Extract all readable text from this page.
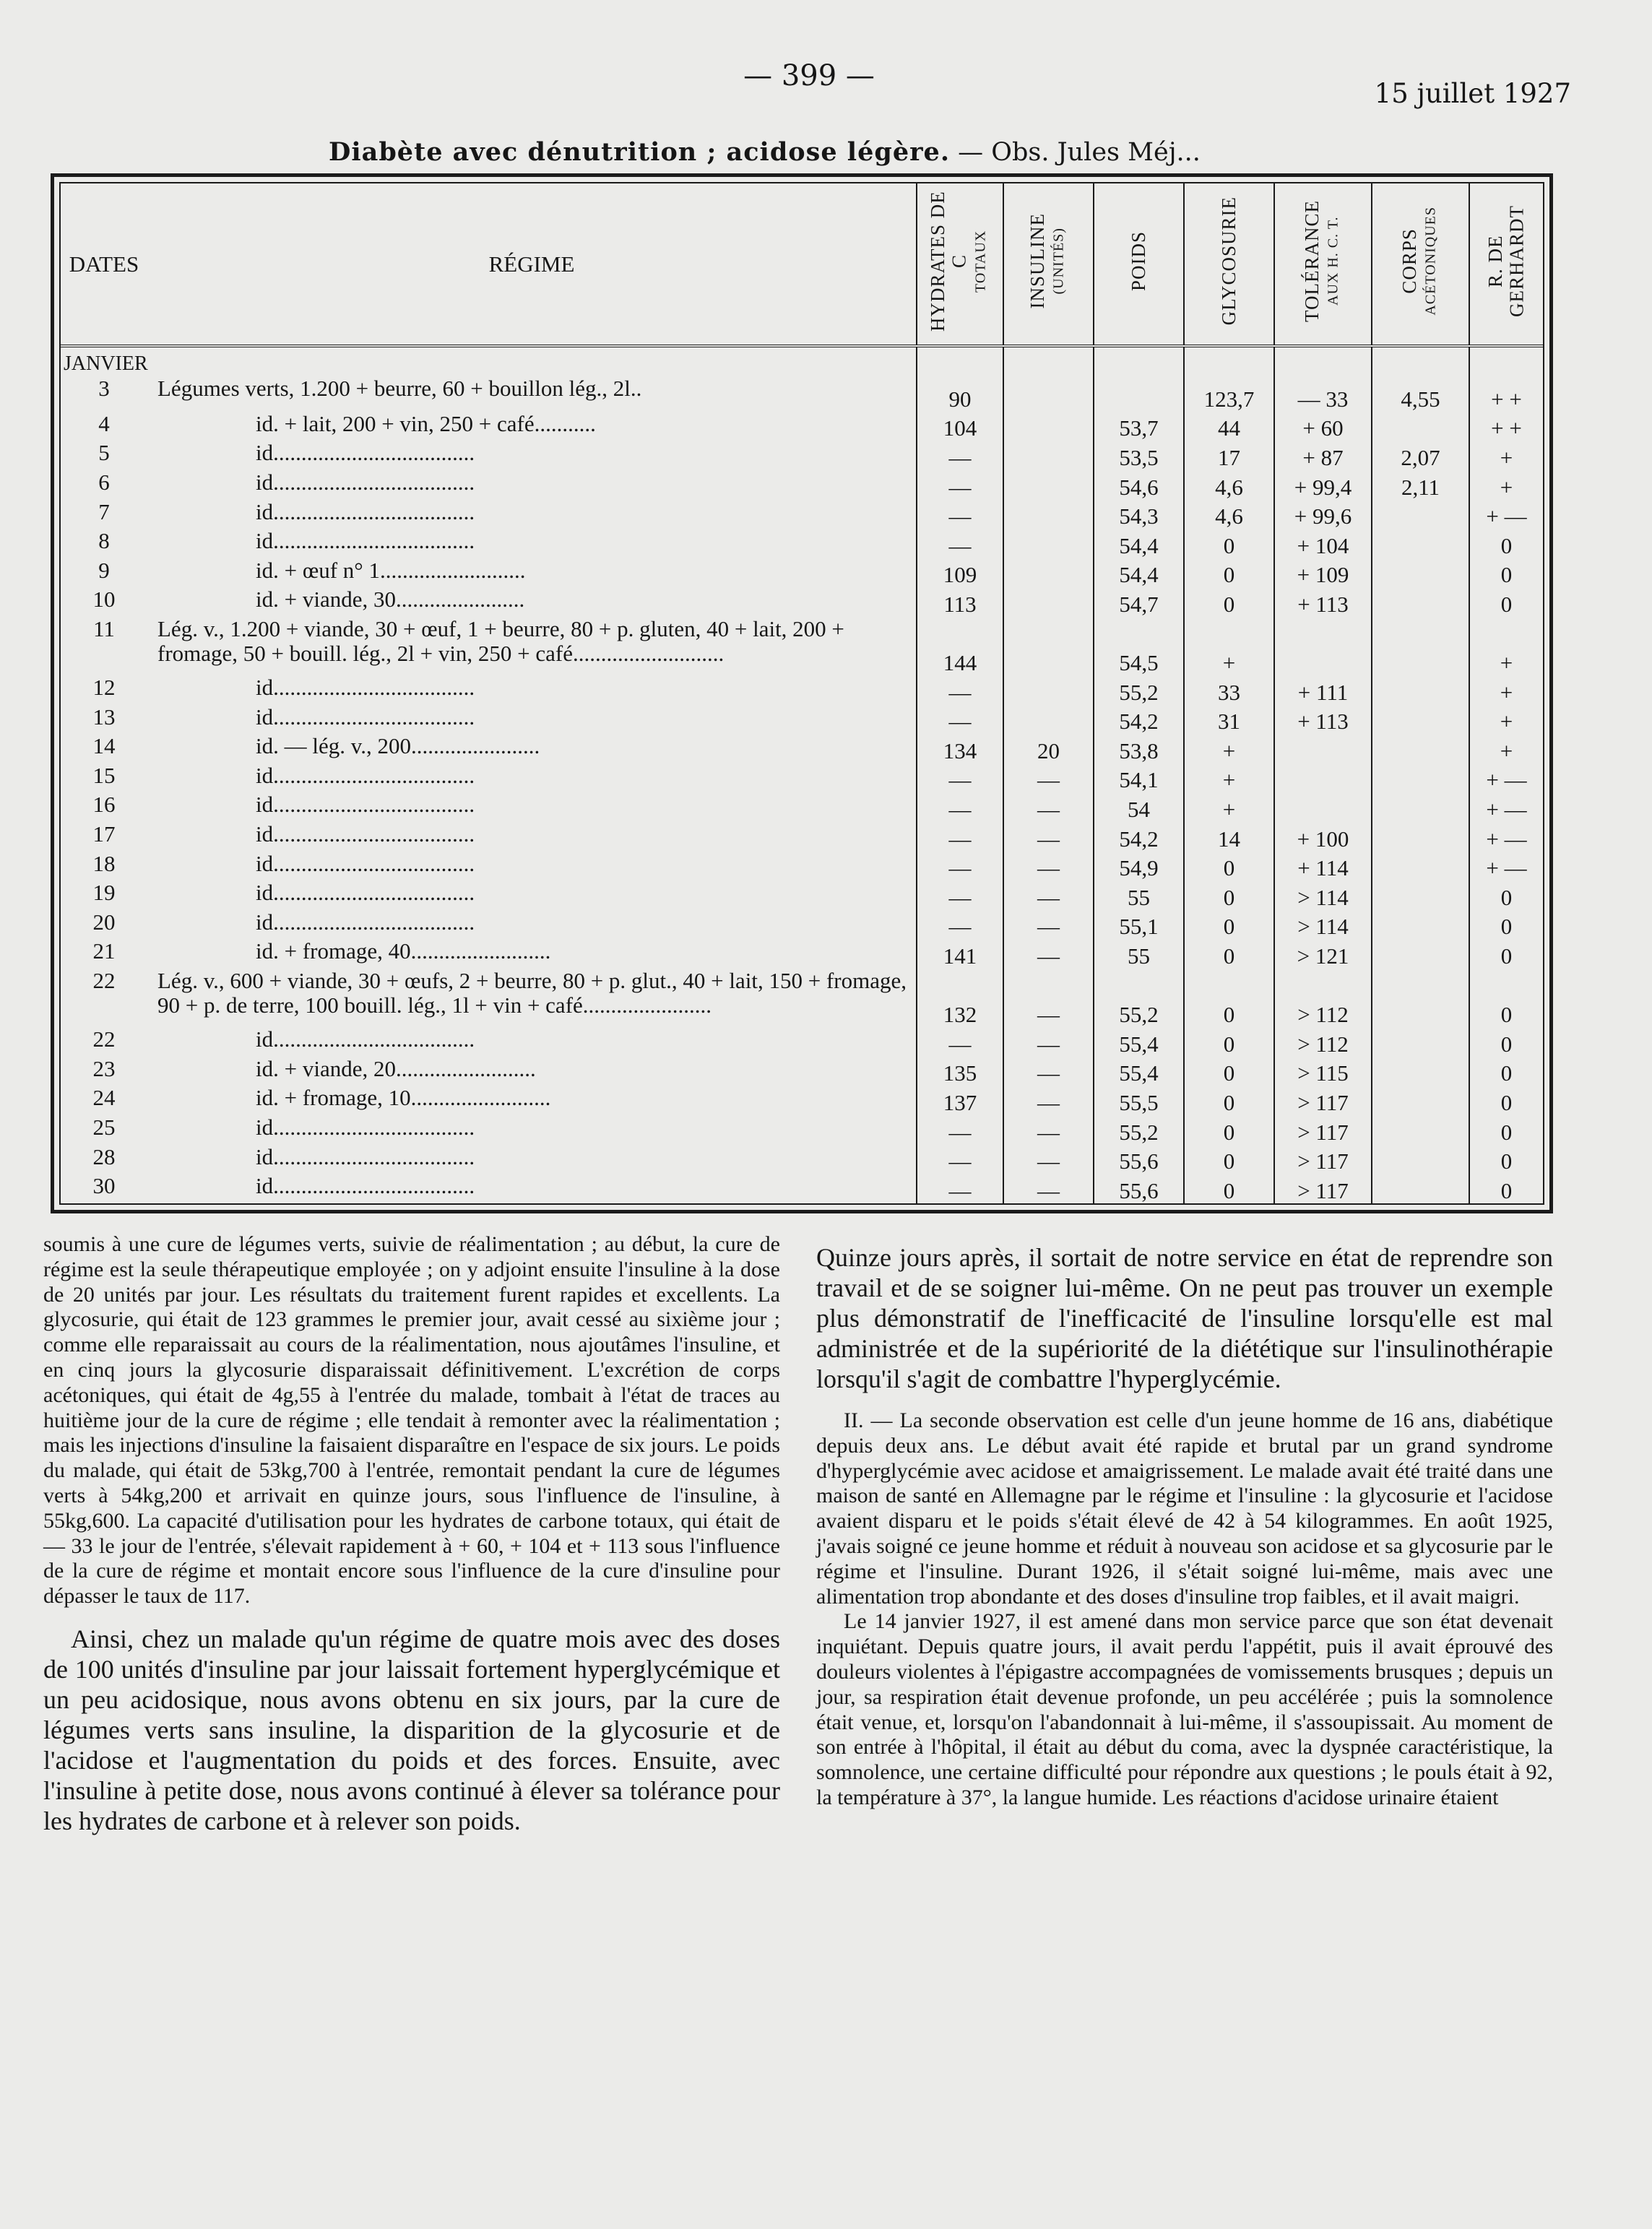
— 399 —
15 juillet 1927
Diabète avec dénutrition ; acidose légère. — Obs. Jules Méj...
DATES	RÉGIME	HYDRATES DE C TOTAUX	INSULINE (UNITÉS)	POIDS	GLYCOSURIE	TOLÉRANCE AUX H. C. T.	CORPS ACÉTONIQUES	R. DE GERHARDT

JANVIER
3	Légumes verts, 1.200 + beurre, 60 + bouillon lég., 2l..	90			123,7	— 33	4,55	+ +
4	id. + lait, 200 + vin, 250 + café...........	104		53,7	44	+ 60		+ +
5	id....................................	—		53,5	17	+ 87	2,07	+
6	id....................................	—		54,6	4,6	+ 99,4	2,11	+
7	id....................................	—		54,3	4,6	+ 99,6		+ —
8	id....................................	—		54,4	0	+ 104		0
9	id. + œuf n° 1..........................	109		54,4	0	+ 109		0
10	id. + viande, 30.......................	113		54,7	0	+ 113		0
11	Lég. v., 1.200 + viande, 30 + œuf, 1 + beurre, 80 + p. gluten, 40 + lait, 200 + fromage, 50 + bouill. lég., 2l + vin, 250 + café...........................	144		54,5	+			+
12	id....................................	—		55,2	33	+ 111		+
13	id....................................	—		54,2	31	+ 113		+
14	id. — lég. v., 200.......................	134	20	53,8	+			+
15	id....................................	—	—	54,1	+			+ —
16	id....................................	—	—	54	+			+ —
17	id....................................	—	—	54,2	14	+ 100		+ —
18	id....................................	—	—	54,9	0	+ 114		+ —
19	id....................................	—	—	55	0	> 114		0
20	id....................................	—	—	55,1	0	> 114		0
21	id. + fromage, 40.........................	141	—	55	0	> 121		0
22	Lég. v., 600 + viande, 30 + œufs, 2 + beurre, 80 + p. glut., 40 + lait, 150 + fromage, 90 + p. de terre, 100 bouill. lég., 1l + vin + café.......................	132	—	55,2	0	> 112		0
22	id....................................	—	—	55,4	0	> 112		0
23	id. + viande, 20.........................	135	—	55,4	0	> 115		0
24	id. + fromage, 10.........................	137	—	55,5	0	> 117		0
25	id....................................	—	—	55,2	0	> 117		0
28	id....................................	—	—	55,6	0	> 117		0
30	id....................................	—	—	55,6	0	> 117		0

soumis à une cure de légumes verts, suivie de réalimentation ; au début, la cure de régime est la seule thérapeutique employée ; on y adjoint ensuite l'insuline à la dose de 20 unités par jour. Les résultats du traitement furent rapides et excellents. La glycosurie, qui était de 123 grammes le premier jour, avait cessé au sixième jour ; comme elle reparaissait au cours de la réalimentation, nous ajoutâmes l'insuline, et en cinq jours la glycosurie disparaissait définitivement. L'excrétion de corps acétoniques, qui était de 4g,55 à l'entrée du malade, tombait à l'état de traces au huitième jour de la cure de régime ; elle tendait à remonter avec la réalimentation ; mais les injections d'insuline la faisaient disparaître en l'espace de six jours. Le poids du malade, qui était de 53kg,700 à l'entrée, remontait pendant la cure de légumes verts à 54kg,200 et arrivait en quinze jours, sous l'influence de l'insuline, à 55kg,600. La capacité d'utilisation pour les hydrates de carbone totaux, qui était de — 33 le jour de l'entrée, s'élevait rapidement à + 60, + 104 et + 113 sous l'influence de la cure de régime et montait encore sous l'influence de la cure d'insuline pour dépasser le taux de 117.

Ainsi, chez un malade qu'un régime de quatre mois avec des doses de 100 unités d'insuline par jour laissait fortement hyperglycémique et un peu acidosique, nous avons obtenu en six jours, par la cure de légumes verts sans insuline, la disparition de la glycosurie et de l'acidose et l'augmentation du poids et des forces. Ensuite, avec l'insuline à petite dose, nous avons continué à élever sa tolérance pour les hydrates de carbone et à relever son poids.

Quinze jours après, il sortait de notre service en état de reprendre son travail et de se soigner lui-même. On ne peut pas trouver un exemple plus démonstratif de l'inefficacité de l'insuline lorsqu'elle est mal administrée et de la supériorité de la diététique sur l'insulinothérapie lorsqu'il s'agit de combattre l'hyperglycémie.

II. — La seconde observation est celle d'un jeune homme de 16 ans, diabétique depuis deux ans. Le début avait été rapide et brutal par un grand syndrome d'hyperglycémie avec acidose et amaigrissement. Le malade avait été traité dans une maison de santé en Allemagne par le régime et l'insuline : la glycosurie et l'acidose avaient disparu et le poids s'était élevé de 42 à 54 kilogrammes. En août 1925, j'avais soigné ce jeune homme et réduit à nouveau son acidose et sa glycosurie par le régime et l'insuline. Durant 1926, il s'était soigné lui-même, mais avec une alimentation trop abondante et des doses d'insuline trop faibles, et il avait maigri.

Le 14 janvier 1927, il est amené dans mon service parce que son état devenait inquiétant. Depuis quatre jours, il avait perdu l'appétit, puis il avait éprouvé des douleurs violentes à l'épigastre accompagnées de vomissements brusques ; depuis un jour, sa respiration était devenue profonde, un peu accélérée ; puis la somnolence était venue, et, lorsqu'on l'abandonnait à lui-même, il s'assoupissait. Au moment de son entrée à l'hôpital, il était au début du coma, avec la dyspnée caractéristique, la somnolence, une certaine difficulté pour répondre aux questions ; le pouls était à 92, la température à 37°, la langue humide. Les réactions d'acidose urinaire étaient
